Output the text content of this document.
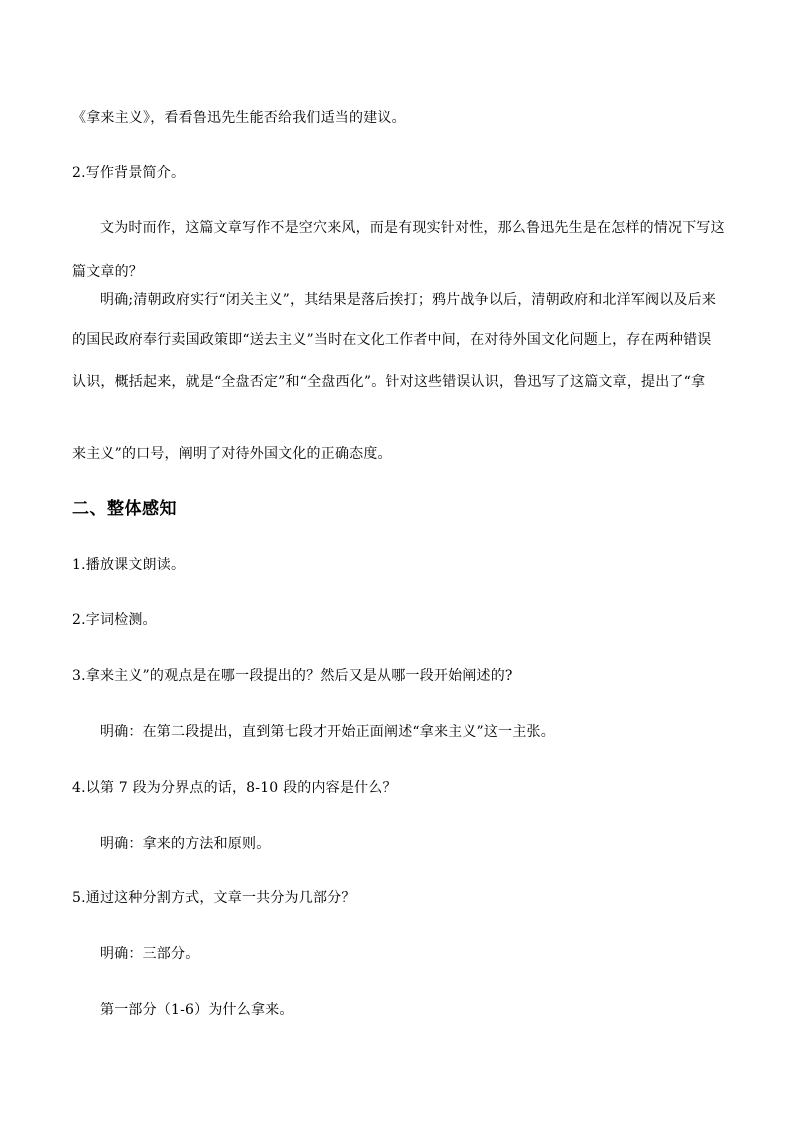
《拿来主义》，看看鲁迅先生能否给我们适当的建议。
2.写作背景简介。
文为时而作，这篇文章写作不是空穴来风，而是有现实针对性，那么鲁迅先生是在怎样的情况下写这
篇文章的？
明确;清朝政府实行“闭关主义”，其结果是落后挨打；鸦片战争以后，清朝政府和北洋军阀以及后来
的国民政府奉行卖国政策即“送去主义”当时在文化工作者中间，在对待外国文化问题上，存在两种错误
认识，概括起来，就是“全盘否定”和“全盘西化”。针对这些错误认识，鲁迅写了这篇文章，提出了“拿
来主义”的口号，阐明了对待外国文化的正确态度。
二、整体感知
1.播放课文朗读。
2.字词检测。
3.拿来主义”的观点是在哪一段提出的？然后又是从哪一段开始阐述的?
明确：在第二段提出，直到第七段才开始正面阐述“拿来主义”这一主张。
4.以第 7 段为分界点的话，8-10 段的内容是什么？
明确：拿来的方法和原则。
5.通过这种分割方式，文章一共分为几部分？
明确：三部分。
第一部分（1-6）为什么拿来。
